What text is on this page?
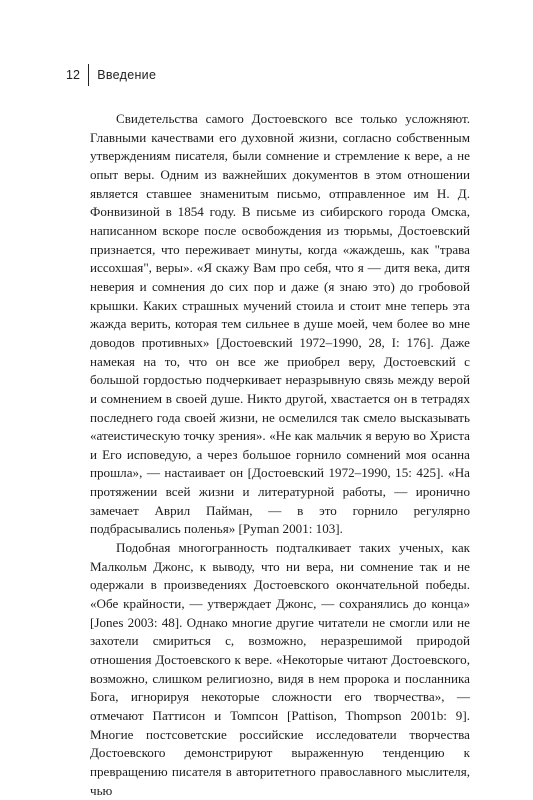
12	Введение

Свидетельства самого Достоевского все только усложняют. Главными качествами его духовной жизни, согласно собственным утверждениям писателя, были сомнение и стремление к вере, а не опыт веры. Одним из важнейших документов в этом отношении является ставшее знаменитым письмо, отправленное им Н. Д. Фонвизиной в 1854 году. В письме из сибирского города Омска, написанном вскоре после освобождения из тюрьмы, Достоевский признается, что переживает минуты, когда «жаждешь, как "трава иссохшая", веры». «Я скажу Вам про себя, что я — дитя века, дитя неверия и сомнения до сих пор и даже (я знаю это) до гробовой крышки. Каких страшных мучений стоила и стоит мне теперь эта жажда верить, которая тем сильнее в душе моей, чем более во мне доводов противных» [Достоевский 1972–1990, 28, I: 176]. Даже намекая на то, что он все же приобрел веру, Достоевский с большой гордостью подчеркивает неразрывную связь между верой и сомнением в своей душе. Никто другой, хвастается он в тетрадях последнего года своей жизни, не осмелился так смело высказывать «атеистическую точку зрения». «Не как мальчик я верую во Христа и Его исповедую, а через большое горнило сомнений моя осанна прошла», — настаивает он [Достоевский 1972–1990, 15: 425]. «На протяжении всей жизни и литературной работы, — иронично замечает Аврил Пайман, — в это горнило регулярно подбрасывались поленья» [Pyman 2001: 103].

Подобная многогранность подталкивает таких ученых, как Малкольм Джонс, к выводу, что ни вера, ни сомнение так и не одержали в произведениях Достоевского окончательной победы. «Обе крайности, — утверждает Джонс, — сохранялись до конца» [Jones 2003: 48]. Однако многие другие читатели не смогли или не захотели смириться с, возможно, неразрешимой природой отношения Достоевского к вере. «Некоторые читают Достоевского, возможно, слишком религиозно, видя в нем пророка и посланника Бога, игнорируя некоторые сложности его творчества», — отмечают Паттисон и Томпсон [Pattison, Thompson 2001b: 9]. Многие постсоветские российские исследователи творчества Достоевского демонстрируют выраженную тенденцию к превращению писателя в авторитетного православного мыслителя, чью
